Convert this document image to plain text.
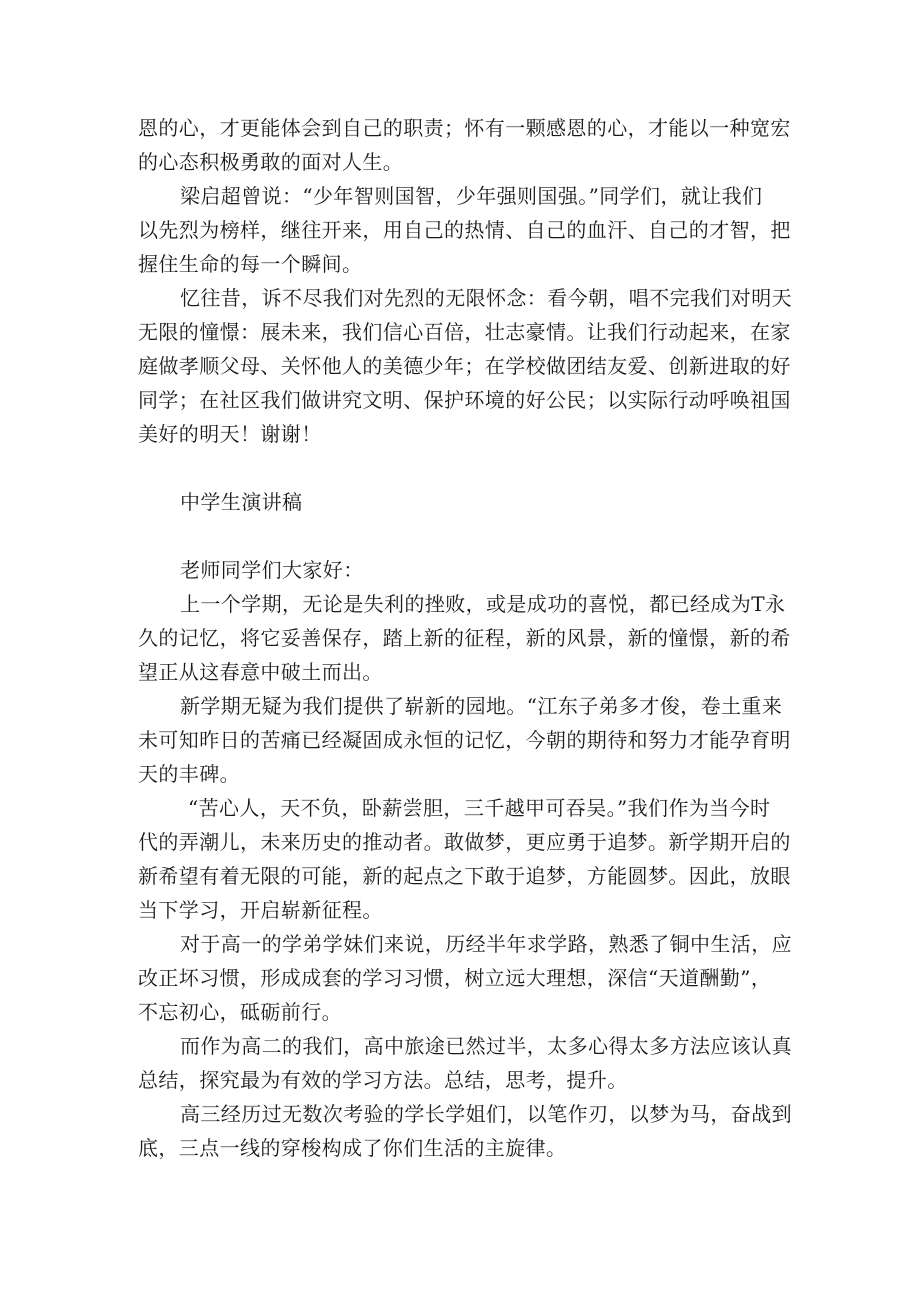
恩的心，才更能体会到自己的职责；怀有一颗感恩的心，才能以一种宽宏
的心态积极勇敢的面对人生。
梁启超曾说：“少年智则国智，少年强则国强。”同学们，就让我们
以先烈为榜样，继往开来，用自己的热情、自己的血汗、自己的才智，把
握住生命的每一个瞬间。
忆往昔，诉不尽我们对先烈的无限怀念：看今朝，唱不完我们对明天
无限的憧憬：展未来，我们信心百倍，壮志豪情。让我们行动起来，在家
庭做孝顺父母、关怀他人的美德少年；在学校做团结友爱、创新进取的好
同学；在社区我们做讲究文明、保护环境的好公民；以实际行动呼唤祖国
美好的明天！谢谢！
中学生演讲稿
老师同学们大家好：
上一个学期，无论是失利的挫败，或是成功的喜悦，都已经成为T永
久的记忆，将它妥善保存，踏上新的征程，新的风景，新的憧憬，新的希
望正从这春意中破土而出。
新学期无疑为我们提供了崭新的园地。“江东子弟多才俊，卷土重来
未可知昨日的苦痛已经凝固成永恒的记忆，今朝的期待和努力才能孕育明
天的丰碑。
“苦心人，天不负，卧薪尝胆，三千越甲可吞吴。”我们作为当今时
代的弄潮儿，未来历史的推动者。敢做梦，更应勇于追梦。新学期开启的
新希望有着无限的可能，新的起点之下敢于追梦，方能圆梦。因此，放眼
当下学习，开启崭新征程。
对于高一的学弟学妹们来说，历经半年求学路，熟悉了铜中生活，应
改正坏习惯，形成成套的学习习惯，树立远大理想，深信“天道酬勤”，
不忘初心，砥砺前行。
而作为高二的我们，高中旅途已然过半，太多心得太多方法应该认真
总结，探究最为有效的学习方法。总结，思考，提升。
高三经历过无数次考验的学长学姐们，以笔作刃，以梦为马，奋战到
底，三点一线的穿梭构成了你们生活的主旋律。
